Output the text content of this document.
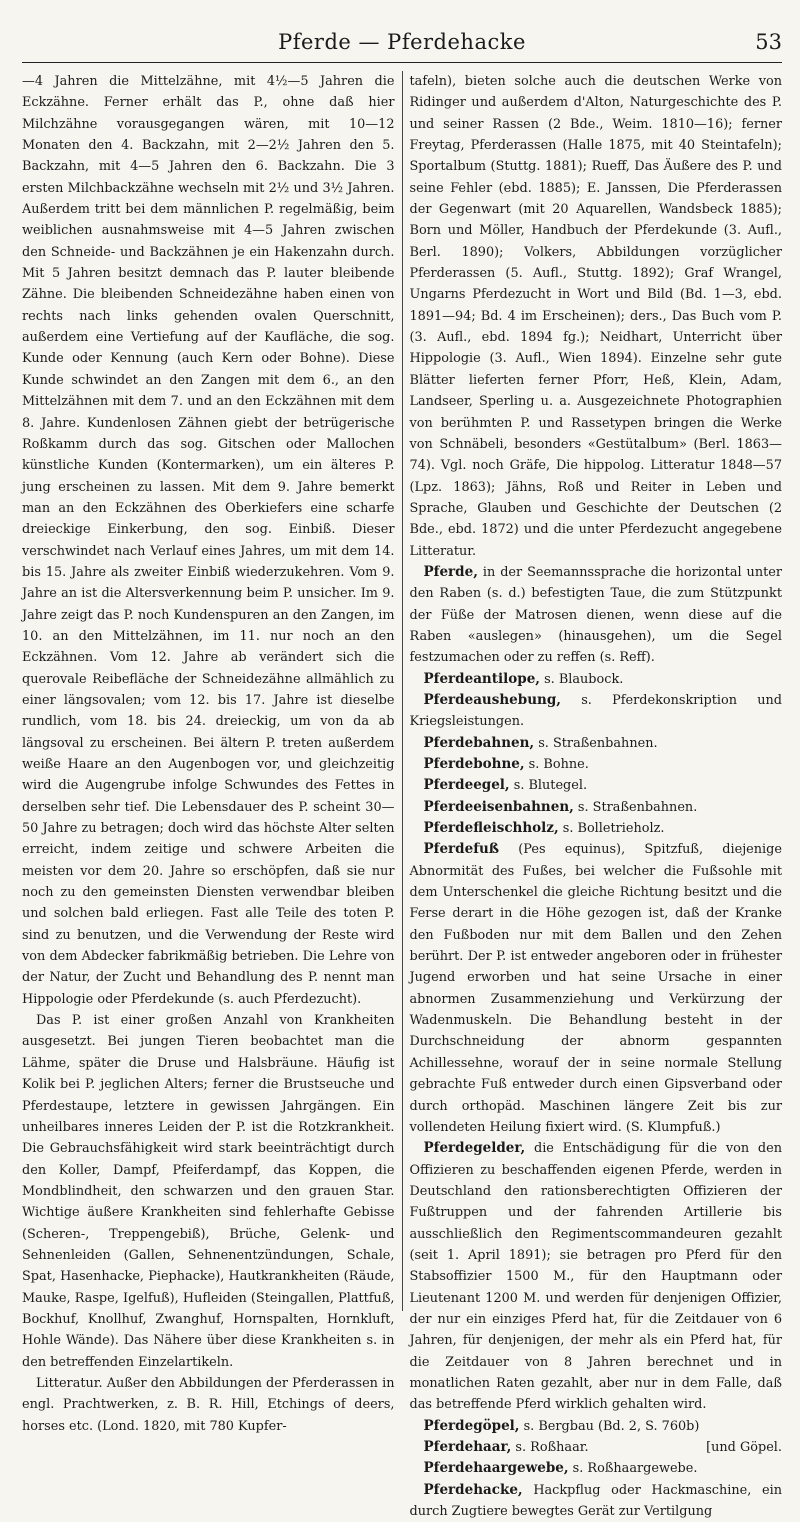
Pferde — Pferdehacke	53

—4 Jahren die Mittelzähne, mit 4½—5 Jahren die Eckzähne. Ferner erhält das P., ohne daß hier Milchzähne vorausgegangen wären, mit 10—12 Monaten den 4. Backzahn, mit 2—2½ Jahren den 5. Backzahn, mit 4—5 Jahren den 6. Backzahn. Die 3 ersten Milchbackzähne wechseln mit 2½ und 3½ Jahren. Außerdem tritt bei dem männlichen P. regelmäßig, beim weiblichen ausnahmsweise mit 4—5 Jahren zwischen den Schneide- und Backzähnen je ein Hakenzahn durch. Mit 5 Jahren besitzt demnach das P. lauter bleibende Zähne. Die bleibenden Schneidezähne haben einen von rechts nach links gehenden ovalen Querschnitt, außerdem eine Vertiefung auf der Kaufläche, die sog. Kunde oder Kennung (auch Kern oder Bohne). Diese Kunde schwindet an den Zangen mit dem 6., an den Mittelzähnen mit dem 7. und an den Eckzähnen mit dem 8. Jahre. Kundenlosen Zähnen giebt der betrügerische Roßkamm durch das sog. Gitschen oder Mallochen künstliche Kunden (Kontermarken), um ein älteres P. jung erscheinen zu lassen. Mit dem 9. Jahre bemerkt man an den Eckzähnen des Oberkiefers eine scharfe dreieckige Einkerbung, den sog. Einbiß. Dieser verschwindet nach Verlauf eines Jahres, um mit dem 14. bis 15. Jahre als zweiter Einbiß wiederzukehren. Vom 9. Jahre an ist die Altersverkennung beim P. unsicher. Im 9. Jahre zeigt das P. noch Kundenspuren an den Zangen, im 10. an den Mittelzähnen, im 11. nur noch an den Eckzähnen. Vom 12. Jahre ab verändert sich die querovale Reibefläche der Schneidezähne allmählich zu einer längsovalen; vom 12. bis 17. Jahre ist dieselbe rundlich, vom 18. bis 24. dreieckig, um von da ab längsoval zu erscheinen. Bei ältern P. treten außerdem weiße Haare an den Augenbogen vor, und gleichzeitig wird die Augengrube infolge Schwundes des Fettes in derselben sehr tief. Die Lebensdauer des P. scheint 30—50 Jahre zu betragen; doch wird das höchste Alter selten erreicht, indem zeitige und schwere Arbeiten die meisten vor dem 20. Jahre so erschöpfen, daß sie nur noch zu den gemeinsten Diensten verwendbar bleiben und solchen bald erliegen. Fast alle Teile des toten P. sind zu benutzen, und die Verwendung der Reste wird von dem Abdecker fabrikmäßig betrieben. Die Lehre von der Natur, der Zucht und Behandlung des P. nennt man Hippologie oder Pferdekunde (s. auch Pferdezucht).

Das P. ist einer großen Anzahl von Krankheiten ausgesetzt. Bei jungen Tieren beobachtet man die Lähme, später die Druse und Halsbräune. Häufig ist Kolik bei P. jeglichen Alters; ferner die Brustseuche und Pferdestaupe, letztere in gewissen Jahrgängen. Ein unheilbares inneres Leiden der P. ist die Rotzkrankheit. Die Gebrauchsfähigkeit wird stark beeinträchtigt durch den Koller, Dampf, Pfeiferdampf, das Koppen, die Mondblindheit, den schwarzen und den grauen Star. Wichtige äußere Krankheiten sind fehlerhafte Gebisse (Scheren-, Treppengebiß), Brüche, Gelenk- und Sehnenleiden (Gallen, Sehnenentzündungen, Schale, Spat, Hasenhacke, Piephacke), Hautkrankheiten (Räude, Mauke, Raspe, Igelfuß), Hufleiden (Steingallen, Plattfuß, Bockhuf, Knollhuf, Zwanghuf, Hornspalten, Hornkluft, Hohle Wände). Das Nähere über diese Krankheiten s. in den betreffenden Einzelartikeln.

Litteratur. Außer den Abbildungen der Pferderassen in engl. Prachtwerken, z. B. R. Hill, Etchings of deers, horses etc. (Lond. 1820, mit 780 Kupfer-

tafeln), bieten solche auch die deutschen Werke von Ridinger und außerdem d'Alton, Naturgeschichte des P. und seiner Rassen (2 Bde., Weim. 1810—16); ferner Freytag, Pferderassen (Halle 1875, mit 40 Steintafeln); Sportalbum (Stuttg. 1881); Rueff, Das Äußere des P. und seine Fehler (ebd. 1885); E. Janssen, Die Pferderassen der Gegenwart (mit 20 Aquarellen, Wandsbeck 1885); Born und Möller, Handbuch der Pferdekunde (3. Aufl., Berl. 1890); Volkers, Abbildungen vorzüglicher Pferderassen (5. Aufl., Stuttg. 1892); Graf Wrangel, Ungarns Pferdezucht in Wort und Bild (Bd. 1—3, ebd. 1891—94; Bd. 4 im Erscheinen); ders., Das Buch vom P. (3. Aufl., ebd. 1894 fg.); Neidhart, Unterricht über Hippologie (3. Aufl., Wien 1894). Einzelne sehr gute Blätter lieferten ferner Pforr, Heß, Klein, Adam, Landseer, Sperling u. a. Ausgezeichnete Photographien von berühmten P. und Rassetypen bringen die Werke von Schnäbeli, besonders «Gestütalbum» (Berl. 1863—74). Vgl. noch Gräfe, Die hippolog. Litteratur 1848—57 (Lpz. 1863); Jähns, Roß und Reiter in Leben und Sprache, Glauben und Geschichte der Deutschen (2 Bde., ebd. 1872) und die unter Pferdezucht angegebene Litteratur.

Pferde, in der Seemannssprache die horizontal unter den Raben (s. d.) befestigten Taue, die zum Stützpunkt der Füße der Matrosen dienen, wenn diese auf die Raben «auslegen» (hinausgehen), um die Segel festzumachen oder zu reffen (s. Reff).

Pferdeantilope, s. Blaubock.

Pferdeaushebung, s. Pferdekonskription und Kriegsleistungen.

Pferdebahnen, s. Straßenbahnen.

Pferdebohne, s. Bohne.

Pferdeegel, s. Blutegel.

Pferdeeisenbahnen, s. Straßenbahnen.

Pferdefleischholz, s. Bolletrieholz.

Pferdefuß (Pes equinus), Spitzfuß, diejenige Abnormität des Fußes, bei welcher die Fußsohle mit dem Unterschenkel die gleiche Richtung besitzt und die Ferse derart in die Höhe gezogen ist, daß der Kranke den Fußboden nur mit dem Ballen und den Zehen berührt. Der P. ist entweder angeboren oder in frühester Jugend erworben und hat seine Ursache in einer abnormen Zusammenziehung und Verkürzung der Wadenmuskeln. Die Behandlung besteht in der Durchschneidung der abnorm gespannten Achillessehne, worauf der in seine normale Stellung gebrachte Fuß entweder durch einen Gipsverband oder durch orthopäd. Maschinen längere Zeit bis zur vollendeten Heilung fixiert wird. (S. Klumpfuß.)

Pferdegelder, die Entschädigung für die von den Offizieren zu beschaffenden eigenen Pferde, werden in Deutschland den rationsberechtigten Offizieren der Fußtruppen und der fahrenden Artillerie bis ausschließlich den Regimentscommandeuren gezahlt (seit 1. April 1891); sie betragen pro Pferd für den Stabsoffizier 1500 M., für den Hauptmann oder Lieutenant 1200 M. und werden für denjenigen Offizier, der nur ein einziges Pferd hat, für die Zeitdauer von 6 Jahren, für denjenigen, der mehr als ein Pferd hat, für die Zeitdauer von 8 Jahren berechnet und in monatlichen Raten gezahlt, aber nur in dem Falle, daß das betreffende Pferd wirklich gehalten wird.

Pferdegöpel, s. Bergbau (Bd. 2, S. 760b)

Pferdehaar, s. Roßhaar.	[und Göpel.

Pferdehaargewebe, s. Roßhaargewebe.

Pferdehacke, Hackpflug oder Hackmaschine, ein durch Zugtiere bewegtes Gerät zur Vertilgung
